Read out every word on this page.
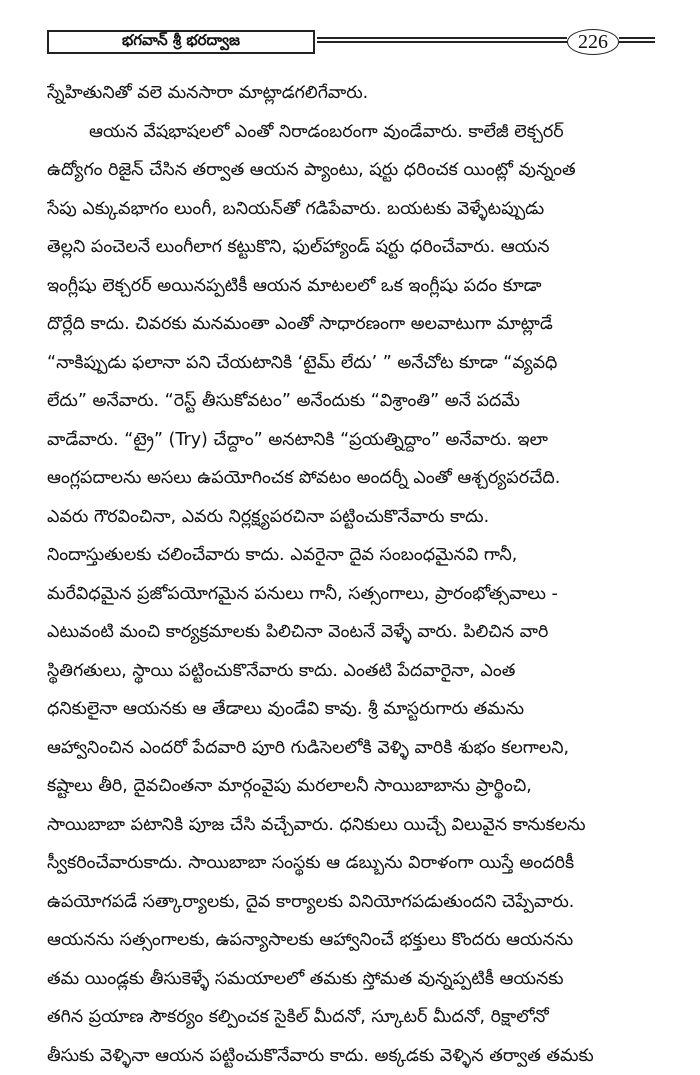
భగవాన్ శ్రీ భరద్వాజ	226
స్నేహితునితో వలె మనసారా మాట్లాడగలిగేవారు.
ఆయన వేషభాషలలో ఎంతో నిరాడంబరంగా వుండేవారు. కాలేజీ లెక్చరర్
ఉద్యోగం రిజైన్ చేసిన తర్వాత ఆయన ప్యాంటు, షర్టు ధరించక యింట్లో వున్నంత
సేపు ఎక్కువభాగం లుంగీ, బనియన్‌తో గడిపేవారు. బయటకు వెళ్ళేటప్పుడు
తెల్లని పంచెలనే లుంగీలాగ కట్టుకొని, ఫుల్‌హ్యాండ్ షర్టు ధరించేవారు. ఆయన
ఇంగ్లీషు లెక్చరర్ అయినప్పటికీ ఆయన మాటలలో ఒక ఇంగ్లీషు పదం కూడా
దొర్లేది కాదు. చివరకు మనమంతా ఎంతో సాధారణంగా అలవాటుగా మాట్లాడే
“నాకిప్పుడు ఫలానా పని చేయటానికి ‘టైమ్ లేదు’ ” అనేచోట కూడా “వ్యవధి
లేదు” అనేవారు. “రెస్ట్ తీసుకోవటం” అనేందుకు “విశ్రాంతి” అనే పదమే
వాడేవారు. “ట్రై” (Try) చేద్దాం” అనటానికి “ప్రయత్నిద్దాం” అనేవారు. ఇలా
ఆంగ్లపదాలను అసలు ఉపయోగించక పోవటం అందర్నీ ఎంతో ఆశ్చర్యపరచేది.
ఎవరు గౌరవించినా, ఎవరు నిర్లక్ష్యపరచినా పట్టించుకొనేవారు కాదు.
నిందాస్తుతులకు చలించేవారు కాదు. ఎవరైనా దైవ సంబంధమైనవి గానీ,
మరేవిధమైన ప్రజోపయోగమైన పనులు గానీ, సత్సంగాలు, ప్రారంభోత్సవాలు -
ఎటువంటి మంచి కార్యక్రమాలకు పిలిచినా వెంటనే వెళ్ళే వారు. పిలిచిన వారి
స్థితిగతులు, స్థాయి పట్టించుకొనేవారు కాదు. ఎంతటి పేదవారైనా, ఎంత
ధనికులైనా ఆయనకు ఆ తేడాలు వుండేవి కావు. శ్రీ మాస్టరుగారు తమను
ఆహ్వానించిన ఎందరో పేదవారి పూరి గుడిసెలలోకి వెళ్ళి వారికి శుభం కలగాలని,
కష్టాలు తీరి, దైవచింతనా మార్గంవైపు మరలాలనీ సాయిబాబాను ప్రార్థించి,
సాయిబాబా పటానికి పూజ చేసి వచ్చేవారు. ధనికులు యిచ్చే విలువైన కానుకలను
స్వీకరించేవారుకాదు. సాయిబాబా సంస్థకు ఆ డబ్బును విరాళంగా యిస్తే అందరికీ
ఉపయోగపడే సత్కార్యాలకు, దైవ కార్యాలకు వినియోగపడుతుందని చెప్పేవారు.
ఆయనను సత్సంగాలకు, ఉపన్యాసాలకు ఆహ్వానించే భక్తులు కొందరు ఆయనను
తమ యిండ్లకు తీసుకెళ్ళే సమయాలలో తమకు స్తోమత వున్నప్పటికీ ఆయనకు
తగిన ప్రయాణ సౌకర్యం కల్పించక సైకిల్ మీదనో, స్కూటర్ మీదనో, రిక్షాలోనో
తీసుకు వెళ్ళినా ఆయన పట్టించుకొనేవారు కాదు. అక్కడకు వెళ్ళిన తర్వాత తమకు
